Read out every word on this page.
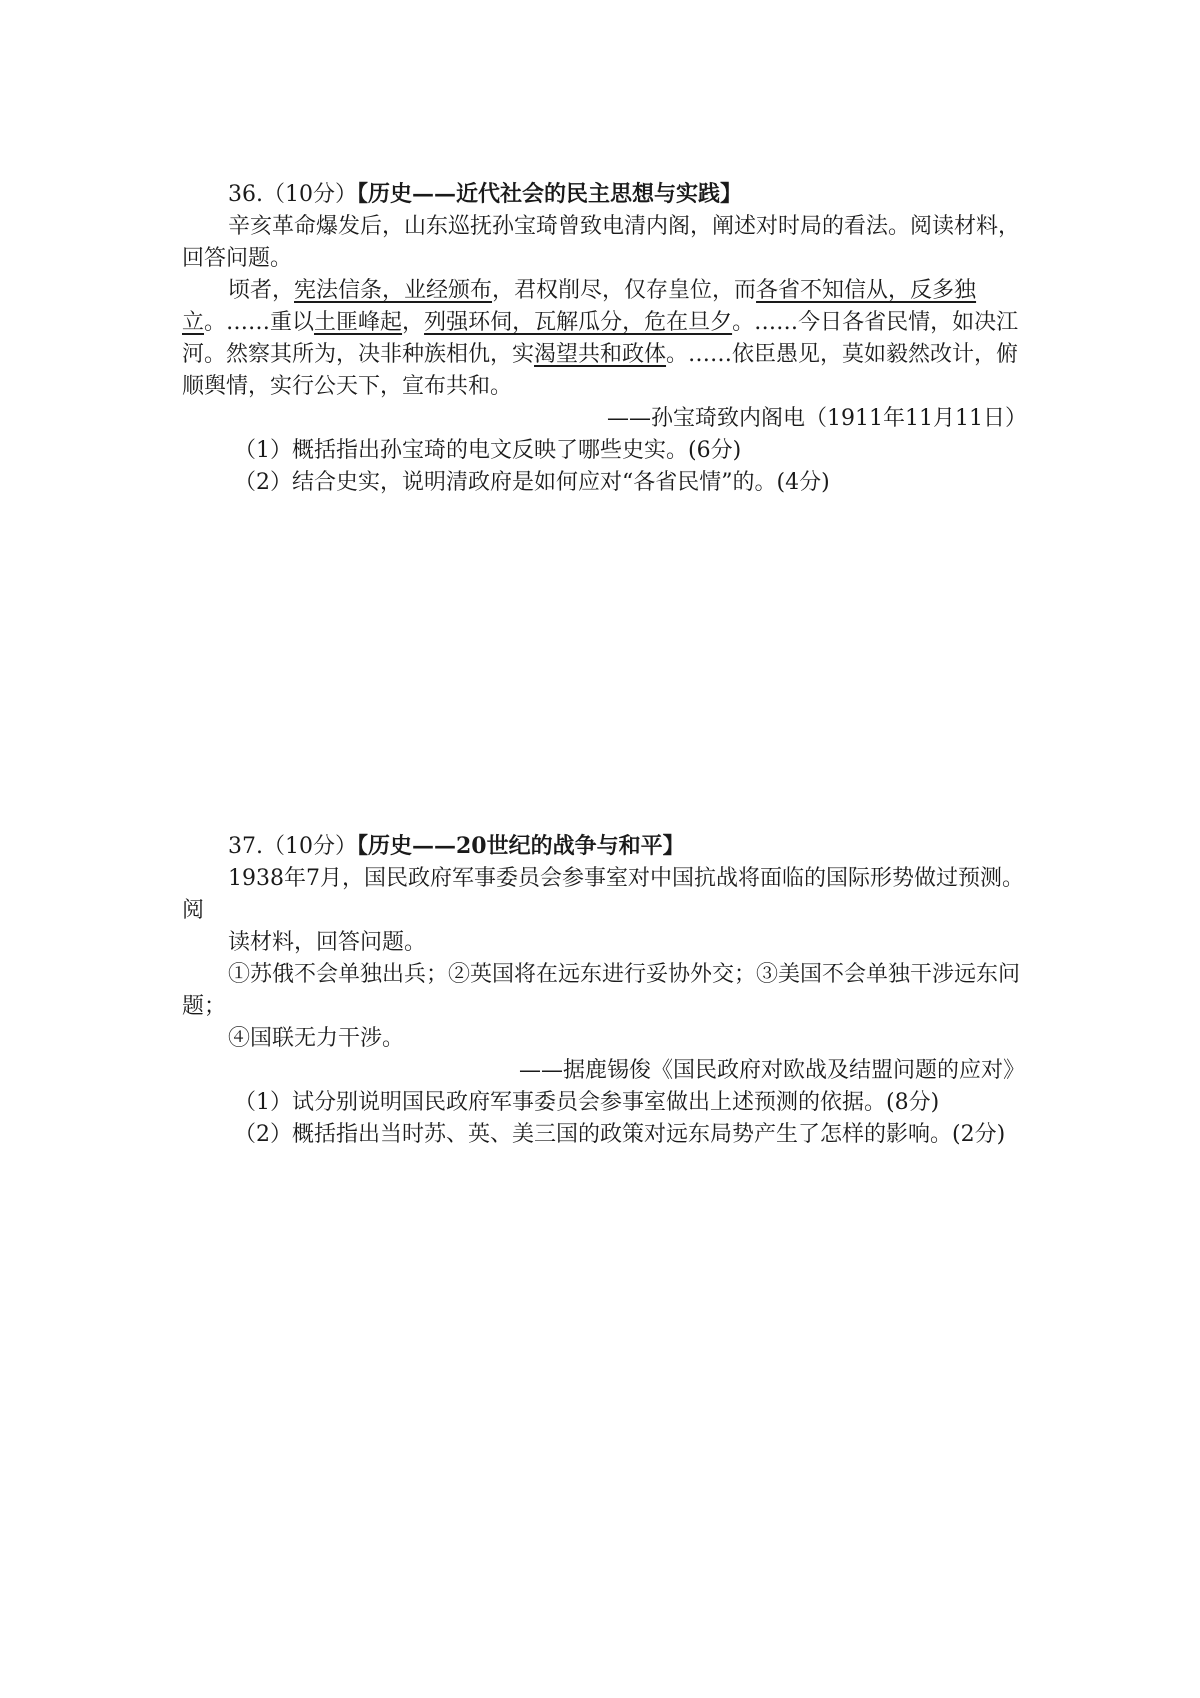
36.（10分）【历史——近代社会的民主思想与实践】

辛亥革命爆发后，山东巡抚孙宝琦曾致电清内阁，阐述对时局的看法。阅读材料，回答问题。

顷者，宪法信条，业经颁布，君权削尽，仅存皇位，而各省不知信从，反多独立。……重以土匪峰起，列强环伺，瓦解瓜分，危在旦夕。……今日各省民情，如决江河。然察其所为，决非种族相仇，实渴望共和政体。……依臣愚见，莫如毅然改计，俯顺舆情，实行公天下，宣布共和。

——孙宝琦致内阁电（1911年11月11日）

（1）概括指出孙宝琦的电文反映了哪些史实。(6分)

（2）结合史实，说明清政府是如何应对“各省民情”的。(4分)

37.（10分）【历史——20世纪的战争与和平】

1938年7月，国民政府军事委员会参事室对中国抗战将面临的国际形势做过预测。阅

读材料，回答问题。

①苏俄不会单独出兵；②英国将在远东进行妥协外交；③美国不会单独干涉远东问题；

④国联无力干涉。

——据鹿锡俊《国民政府对欧战及结盟问题的应对》

（1）试分别说明国民政府军事委员会参事室做出上述预测的依据。(8分)

（2）概括指出当时苏、英、美三国的政策对远东局势产生了怎样的影响。(2分)
